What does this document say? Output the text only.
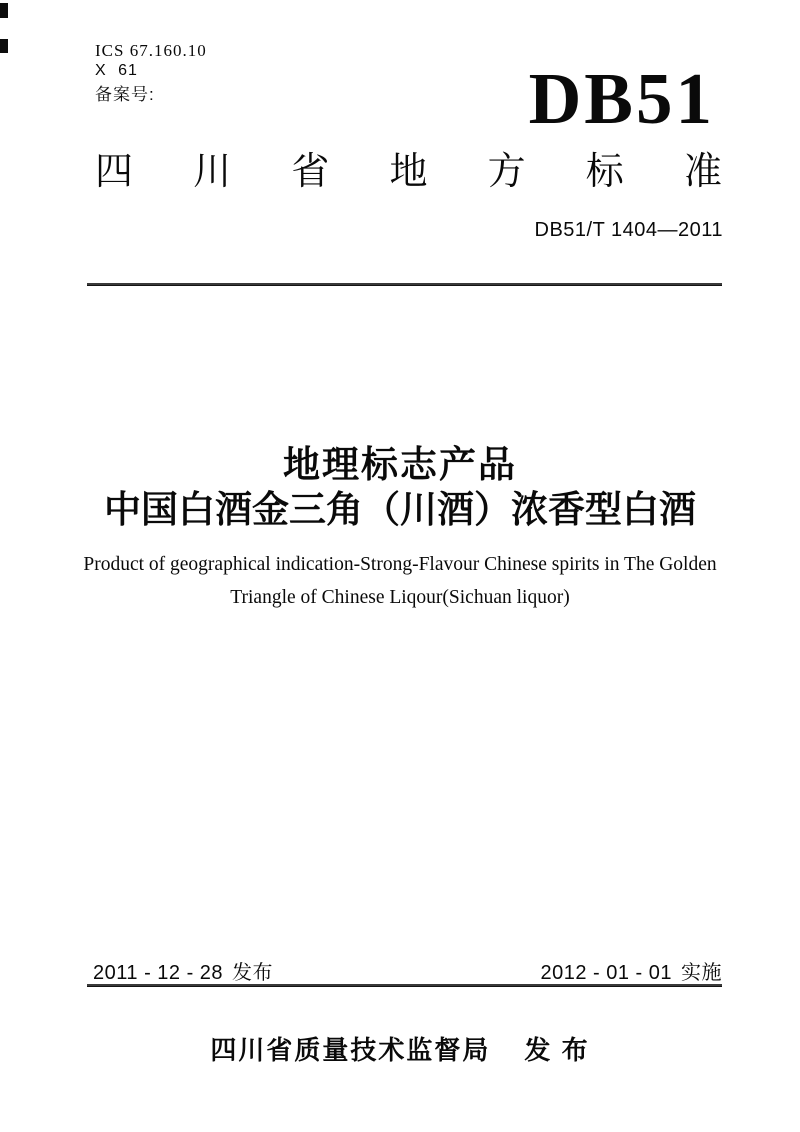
ICS 67.160.10
X 61
备案号:	DB51
四 川 省 地 方 标 准
DB51/T 1404—2011
地理标志产品
中国白酒金三角（川酒）浓香型白酒
Product of geographical indication-Strong-Flavour Chinese spirits in The Golden
Triangle of Chinese Liqour(Sichuan liquor)
2011 - 12 - 28 发布	2012 - 01 - 01 实施
四川省质量技术监督局 发 布
